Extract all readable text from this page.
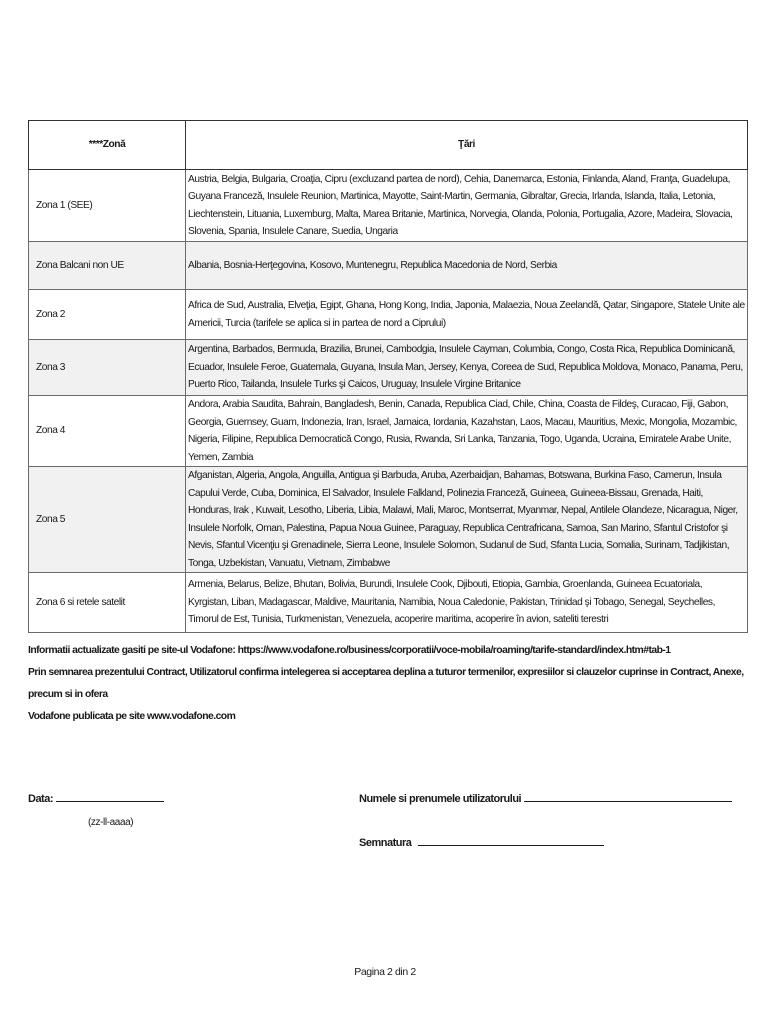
****Zonă	Ţări
Zona 1 (SEE)	Austria, Belgia, Bulgaria, Croaţia, Cipru (excluzand partea de nord), Cehia, Danemarca, Estonia, Finlanda, Aland, Franţa, Guadelupa, Guyana Franceză, Insulele Reunion, Martinica, Mayotte, Saint-Martin, Germania, Gibraltar, Grecia, Irlanda, Islanda, Italia, Letonia, Liechtenstein, Lituania, Luxemburg, Malta, Marea Britanie, Martinica, Norvegia, Olanda, Polonia, Portugalia, Azore, Madeira, Slovacia, Slovenia, Spania, Insulele Canare, Suedia, Ungaria
Zona Balcani non UE	Albania, Bosnia-Herţegovina, Kosovo, Muntenegru, Republica Macedonia de Nord, Serbia
Zona 2	Africa de Sud, Australia, Elveţia, Egipt, Ghana, Hong Kong, India, Japonia, Malaezia, Noua Zeelandă, Qatar, Singapore, Statele Unite ale Americii, Turcia (tarifele se aplica si in partea de nord a Ciprului)
Zona 3	Argentina, Barbados, Bermuda, Brazilia, Brunei, Cambodgia, Insulele Cayman, Columbia, Congo, Costa Rica, Republica Dominicană, Ecuador, Insulele Feroe, Guatemala, Guyana, Insula Man, Jersey, Kenya, Coreea de Sud, Republica Moldova, Monaco, Panama, Peru, Puerto Rico, Tailanda, Insulele Turks şi Caicos, Uruguay, Insulele Virgine Britanice
Zona 4	Andora, Arabia Saudita, Bahrain, Bangladesh, Benin, Canada, Republica Ciad, Chile, China, Coasta de Fildeş, Curacao, Fiji, Gabon, Georgia, Guernsey, Guam, Indonezia, Iran, Israel, Jamaica, Iordania, Kazahstan, Laos, Macau, Mauritius, Mexic, Mongolia, Mozambic, Nigeria, Filipine, Republica Democratică Congo, Rusia, Rwanda, Sri Lanka, Tanzania, Togo, Uganda, Ucraina, Emiratele Arabe Unite, Yemen, Zambia
Zona 5	Afganistan, Algeria, Angola, Anguilla, Antigua şi Barbuda, Aruba, Azerbaidjan, Bahamas, Botswana, Burkina Faso, Camerun, Insula Capului Verde, Cuba, Dominica, El Salvador, Insulele Falkland, Polinezia Franceză, Guineea, Guineea-Bissau, Grenada, Haiti, Honduras, Irak , Kuwait, Lesotho, Liberia, Libia, Malawi, Mali, Maroc, Montserrat, Myanmar, Nepal, Antilele Olandeze, Nicaragua, Niger, Insulele Norfolk, Oman, Palestina, Papua Noua Guinee, Paraguay, Republica Centrafricana, Samoa, San Marino, Sfantul Cristofor şi Nevis, Sfantul Vicenţiu şi Grenadinele, Sierra Leone, Insulele Solomon, Sudanul de Sud, Sfanta Lucia, Somalia, Surinam, Tadjikistan, Tonga, Uzbekistan, Vanuatu, Vietnam, Zimbabwe
Zona 6 si retele satelit	Armenia, Belarus, Belize, Bhutan, Bolivia, Burundi, Insulele Cook, Djibouti, Etiopia, Gambia, Groenlanda, Guineea Ecuatoriala, Kyrgistan, Liban, Madagascar, Maldive, Mauritania, Namibia, Noua Caledonie, Pakistan, Trinidad şi Tobago, Senegal, Seychelles, Timorul de Est, Tunisia, Turkmenistan, Venezuela, acoperire maritima, acoperire în avion, sateliti terestri

Informatii actualizate gasiti pe site-ul Vodafone: https://www.vodafone.ro/business/corporatii/voce-mobila/roaming/tarife-standard/index.htm#tab-1

Prin semnarea prezentului Contract, Utilizatorul confirma intelegerea si acceptarea deplina a tuturor termenilor, expresiilor si clauzelor cuprinse in Contract, Anexe, precum si in ofera

Vodafone publicata pe site www.vodafone.com

Data:
(zz-ll-aaaa)
Numele si prenumele utilizatorului
Semnatura
Pagina 2 din 2
